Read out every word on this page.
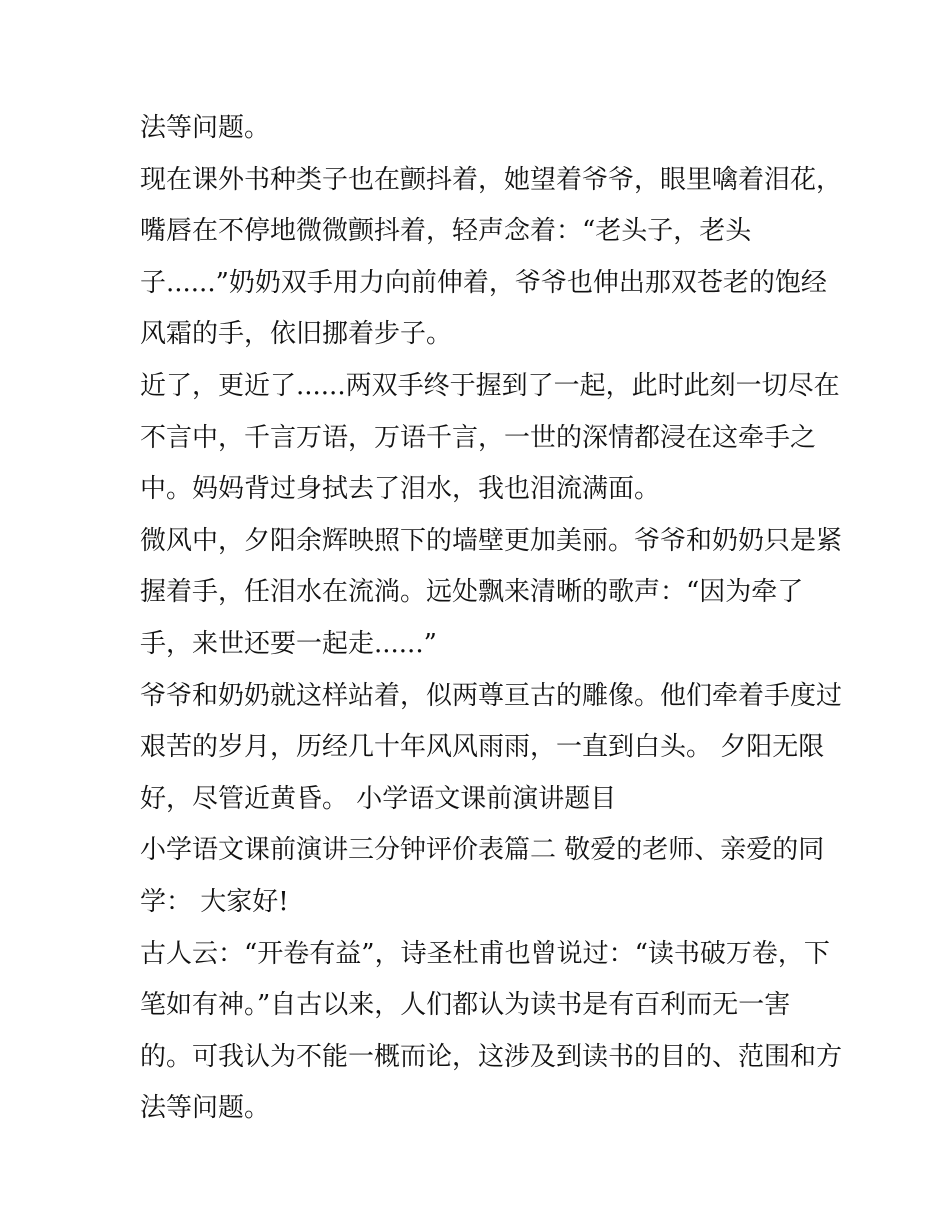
法等问题。
现在课外书种类子也在颤抖着，她望着爷爷，眼里噙着泪花，
嘴唇在不停地微微颤抖着，轻声念着：“老头子，老头
子......”奶奶双手用力向前伸着，爷爷也伸出那双苍老的饱经
风霜的手，依旧挪着步子。
近了，更近了......两双手终于握到了一起，此时此刻一切尽在
不言中，千言万语，万语千言，一世的深情都浸在这牵手之
中。妈妈背过身拭去了泪水，我也泪流满面。
微风中，夕阳余辉映照下的墙壁更加美丽。爷爷和奶奶只是紧
握着手，任泪水在流淌。远处飘来清晰的歌声：“因为牵了
手，来世还要一起走......”
爷爷和奶奶就这样站着，似两尊亘古的雕像。他们牵着手度过
艰苦的岁月，历经几十年风风雨雨，一直到白头。 夕阳无限
好，尽管近黄昏。 小学语文课前演讲题目
小学语文课前演讲三分钟评价表篇二 敬爱的老师、亲爱的同
学： 大家好!
古人云：“开卷有益”，诗圣杜甫也曾说过：“读书破万卷，下
笔如有神。”自古以来，人们都认为读书是有百利而无一害
的。可我认为不能一概而论，这涉及到读书的目的、范围和方
法等问题。
